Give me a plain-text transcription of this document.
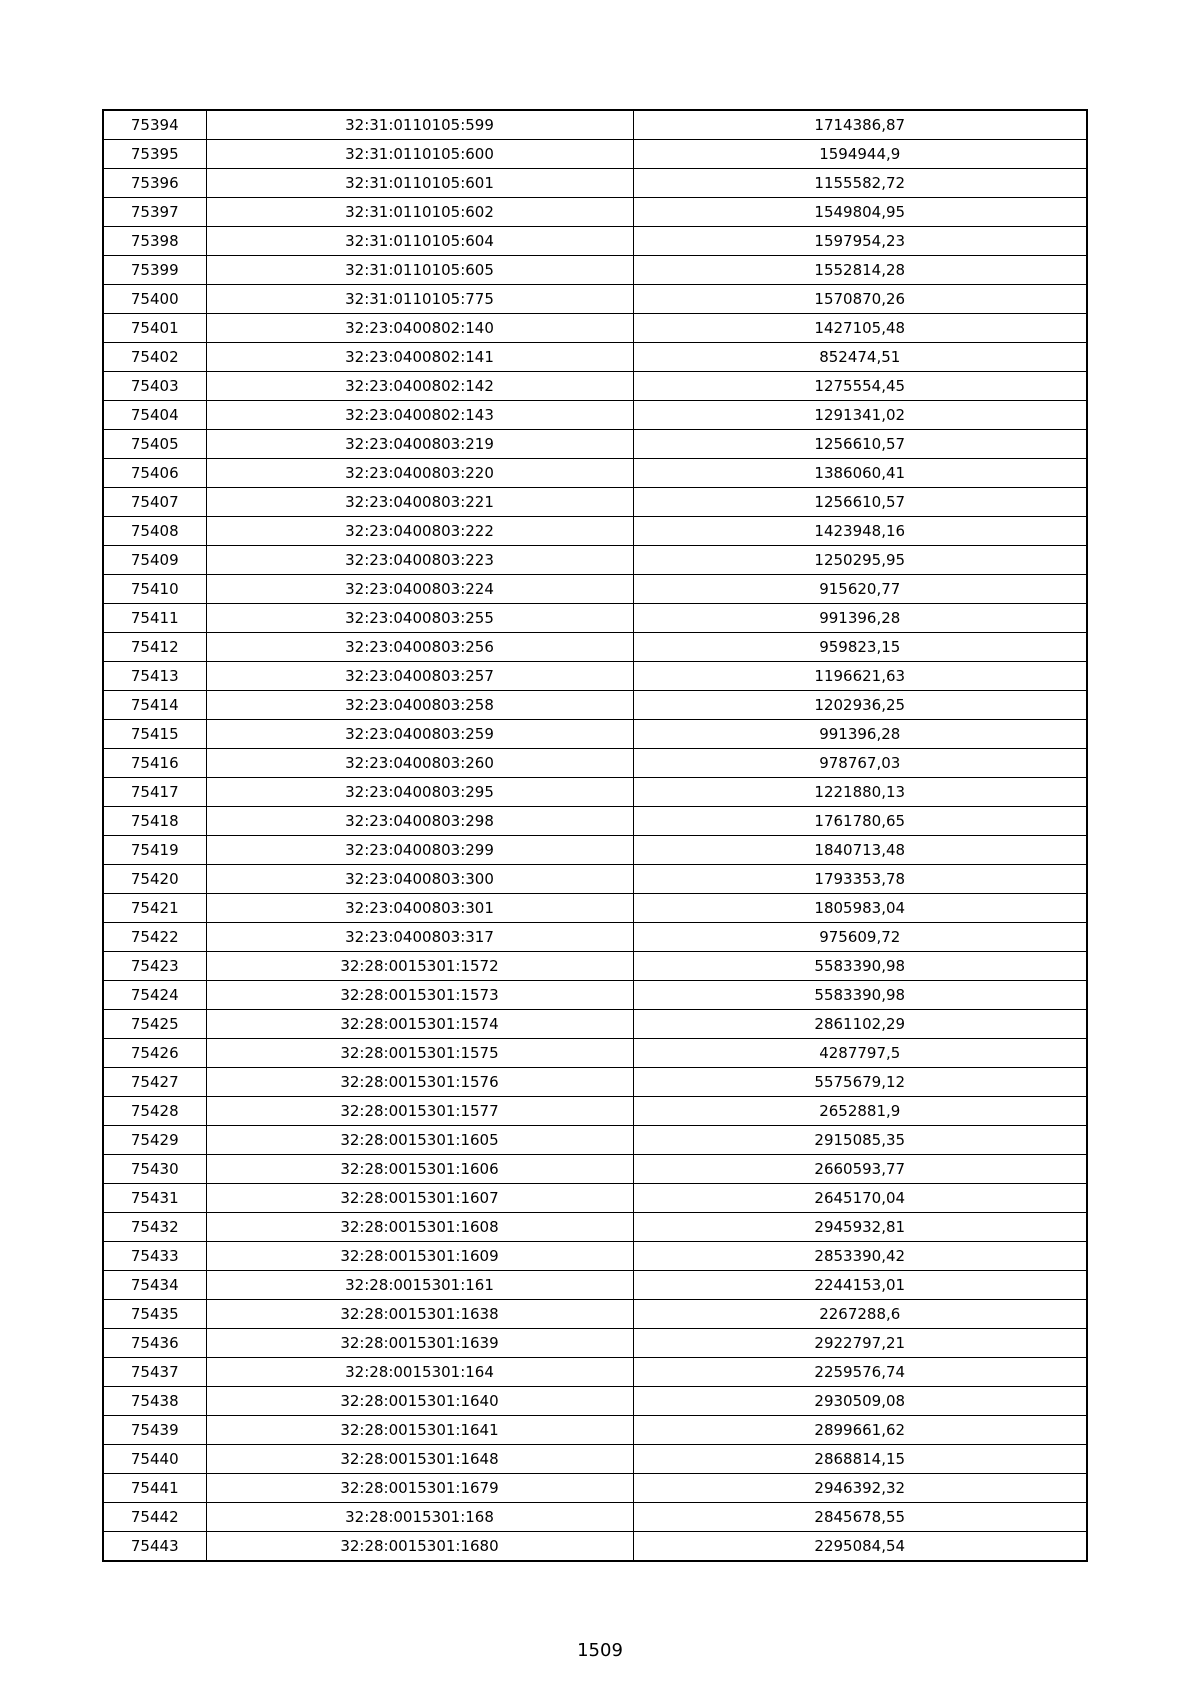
75394	32:31:0110105:599	1714386,87
75395	32:31:0110105:600	1594944,9
75396	32:31:0110105:601	1155582,72
75397	32:31:0110105:602	1549804,95
75398	32:31:0110105:604	1597954,23
75399	32:31:0110105:605	1552814,28
75400	32:31:0110105:775	1570870,26
75401	32:23:0400802:140	1427105,48
75402	32:23:0400802:141	852474,51
75403	32:23:0400802:142	1275554,45
75404	32:23:0400802:143	1291341,02
75405	32:23:0400803:219	1256610,57
75406	32:23:0400803:220	1386060,41
75407	32:23:0400803:221	1256610,57
75408	32:23:0400803:222	1423948,16
75409	32:23:0400803:223	1250295,95
75410	32:23:0400803:224	915620,77
75411	32:23:0400803:255	991396,28
75412	32:23:0400803:256	959823,15
75413	32:23:0400803:257	1196621,63
75414	32:23:0400803:258	1202936,25
75415	32:23:0400803:259	991396,28
75416	32:23:0400803:260	978767,03
75417	32:23:0400803:295	1221880,13
75418	32:23:0400803:298	1761780,65
75419	32:23:0400803:299	1840713,48
75420	32:23:0400803:300	1793353,78
75421	32:23:0400803:301	1805983,04
75422	32:23:0400803:317	975609,72
75423	32:28:0015301:1572	5583390,98
75424	32:28:0015301:1573	5583390,98
75425	32:28:0015301:1574	2861102,29
75426	32:28:0015301:1575	4287797,5
75427	32:28:0015301:1576	5575679,12
75428	32:28:0015301:1577	2652881,9
75429	32:28:0015301:1605	2915085,35
75430	32:28:0015301:1606	2660593,77
75431	32:28:0015301:1607	2645170,04
75432	32:28:0015301:1608	2945932,81
75433	32:28:0015301:1609	2853390,42
75434	32:28:0015301:161	2244153,01
75435	32:28:0015301:1638	2267288,6
75436	32:28:0015301:1639	2922797,21
75437	32:28:0015301:164	2259576,74
75438	32:28:0015301:1640	2930509,08
75439	32:28:0015301:1641	2899661,62
75440	32:28:0015301:1648	2868814,15
75441	32:28:0015301:1679	2946392,32
75442	32:28:0015301:168	2845678,55
75443	32:28:0015301:1680	2295084,54
1509
